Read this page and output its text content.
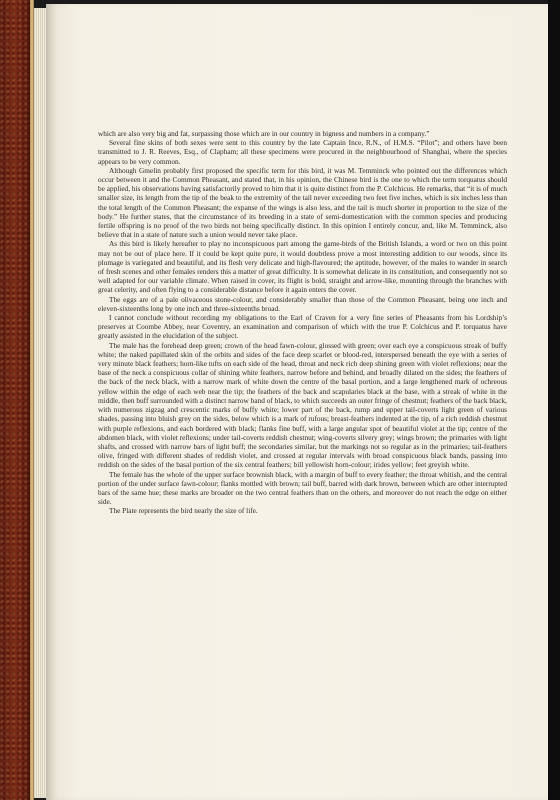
which are also very big and fat, surpassing those which are in our country in bigness and numbers in a company.”

Several fine skins of both sexes were sent to this country by the late Captain Ince, R.N., of H.M.S. “Pilot”; and others have been transmitted to J. R. Reeves, Esq., of Clapham; all these specimens were procured in the neighbourhood of Shanghai, where the species appears to be very common.

Although Gmelin probably first proposed the specific term for this bird, it was M. Temminck who pointed out the differences which occur between it and the Common Pheasant, and stated that, in his opinion, the Chinese bird is the one to which the term torquatus should be applied, his observations having satisfactorily proved to him that it is quite distinct from the P. Colchicus. He remarks, that “it is of much smaller size, its length from the tip of the beak to the extremity of the tail never exceeding two feet five inches, which is six inches less than the total length of the Common Pheasant; the expanse of the wings is also less, and the tail is much shorter in proportion to the size of the body.” He further states, that the circumstance of its breeding in a state of semi-domestication with the common species and producing fertile offspring is no proof of the two birds not being specifically distinct. In this opinion I entirely concur, and, like M. Temminck, also believe that in a state of nature such a union would never take place.

As this bird is likely hereafter to play no inconspicuous part among the game-birds of the British Islands, a word or two on this point may not be out of place here. If it could be kept quite pure, it would doubtless prove a most interesting addition to our woods, since its plumage is variegated and beautiful, and its flesh very delicate and high-flavoured; the aptitude, however, of the males to wander in search of fresh scenes and other females renders this a matter of great difficulty. It is somewhat delicate in its constitution, and consequently not so well adapted for our variable climate. When raised in cover, its flight is bold, straight and arrow-like, mounting through the branches with great celerity, and often flying to a considerable distance before it again enters the cover.

The eggs are of a pale olivaceous stone-colour, and considerably smaller than those of the Common Pheasant, being one inch and eleven-sixteenths long by one inch and three-sixteenths broad.

I cannot conclude without recording my obligations to the Earl of Craven for a very fine series of Pheasants from his Lordship’s preserves at Coombe Abbey, near Coventry, an examination and comparison of which with the true P. Colchicus and P. torquatus have greatly assisted in the elucidation of the subject.

The male has the forehead deep green; crown of the head fawn-colour, glossed with green; over each eye a conspicuous streak of buffy white; the naked papillated skin of the orbits and sides of the face deep scarlet or blood-red, interspersed beneath the eye with a series of very minute black feathers; horn-like tufts on each side of the head, throat and neck rich deep shining green with violet reflexions; near the base of the neck a conspicuous collar of shining white feathers, narrow before and behind, and broadly dilated on the sides; the feathers of the back of the neck black, with a narrow mark of white down the centre of the basal portion, and a large lengthened mark of ochreous yellow within the edge of each web near the tip; the feathers of the back and scapularies black at the base, with a streak of white in the middle, then buff surrounded with a distinct narrow band of black, to which succeeds an outer fringe of chestnut; feathers of the back black, with numerous zigzag and crescentic marks of buffy white; lower part of the back, rump and upper tail-coverts light green of various shades, passing into bluish grey on the sides, below which is a mark of rufous; breast-feathers indented at the tip, of a rich reddish chestnut with purple reflexions, and each bordered with black; flanks fine buff, with a large angular spot of beautiful violet at the tip; centre of the abdomen black, with violet reflexions; under tail-coverts reddish chestnut; wing-coverts silvery grey; wings brown; the primaries with light shafts, and crossed with narrow bars of light buff; the secondaries similar, but the markings not so regular as in the primaries; tail-feathers olive, fringed with different shades of reddish violet, and crossed at regular intervals with broad conspicuous black bands, passing into reddish on the sides of the basal portion of the six central feathers; bill yellowish horn-colour; irides yellow; feet greyish white.

The female has the whole of the upper surface brownish black, with a margin of buff to every feather; the throat whitish, and the central portion of the under surface fawn-colour; flanks mottled with brown; tail buff, barred with dark brown, between which are other interrupted bars of the same hue; these marks are broader on the two central feathers than on the others, and moreover do not reach the edge on either side.

The Plate represents the bird nearly the size of life.
